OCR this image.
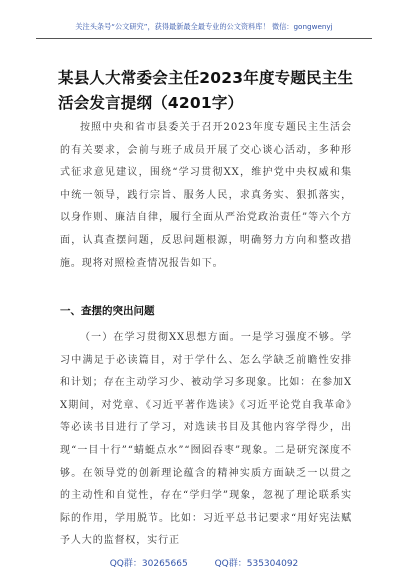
关注头条号“公文研究”，获得最新最全最专业的公文资料库！ 微信：gongwenyj
某县人大常委会主任2023年度专题民主生活会发言提纲（4201字）
按照中央和省市县委关于召开2023年度专题民主生活会的有关要求，会前与班子成员开展了交心谈心活动，多种形式征求意见建议，围绕“学习贯彻XX，维护党中央权威和集中统一领导，践行宗旨、服务人民，求真务实、狠抓落实，以身作则、廉洁自律，履行全面从严治党政治责任”等六个方面，认真查摆问题，反思问题根源，明确努力方向和整改措施。现将对照检查情况报告如下。
一、查摆的突出问题
（一）在学习贯彻XX思想方面。一是学习强度不够。学习中满足于必读篇目，对于学什么、怎么学缺乏前瞻性安排和计划；存在主动学习少、被动学习多现象。比如：在参加XX期间，对党章、《习近平著作选读》《习近平论党自我革命》等必读书目进行了学习，对选读书目及其他内容学得少，出现“一目十行”“蜻蜓点水”“囫囵吞枣”现象。二是研究深度不够。在领导党的创新理论蕴含的精神实质方面缺乏一以贯之的主动性和自觉性，存在“学归学”现象，忽视了理论联系实际的作用，学用脱节。比如：习近平总书记要求“用好宪法赋予人大的监督权，实行正
QQ群：30265665	QQ群：535304092
